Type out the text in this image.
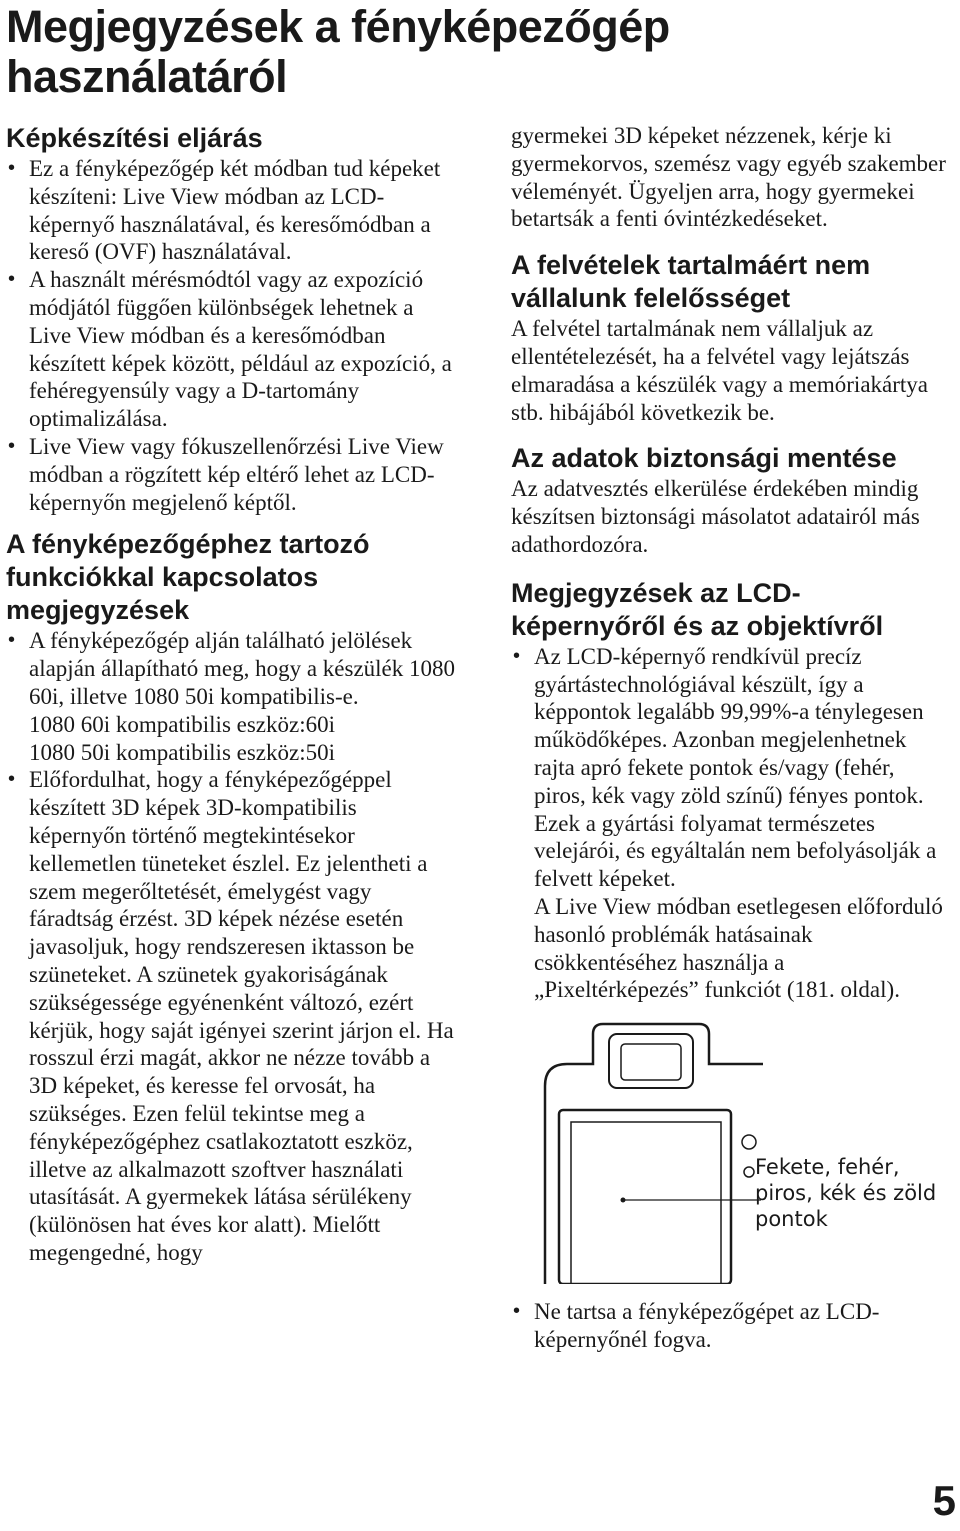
Megjegyzések a fényképezőgép használatáról
Képkészítési eljárás
• Ez a fényképezőgép két módban tud képeket készíteni: Live View módban az LCD-képernyő használatával, és keresőmódban a kereső (OVF) használatával.
• A használt mérésmódtól vagy az expozíció módjától függően különbségek lehetnek a Live View módban és a keresőmódban készített képek között, például az expozíció, a fehéregyensúly vagy a D-tartomány optimalizálása.
• Live View vagy fókuszellenőrzési Live View módban a rögzített kép eltérő lehet az LCD-képernyőn megjelenő képtől.
A fényképezőgéphez tartozó funkciókkal kapcsolatos megjegyzések
• A fényképezőgép alján található jelölések alapján állapítható meg, hogy a készülék 1080 60i, illetve 1080 50i kompatibilis-e.
1080 60i kompatibilis eszköz:60i
1080 50i kompatibilis eszköz:50i
• Előfordulhat, hogy a fényképezőgéppel készített 3D képek 3D-kompatibilis képernyőn történő megtekintésekor kellemetlen tüneteket észlel. Ez jelentheti a szem megerőltetését, émelygést vagy fáradtság érzést. 3D képek nézése esetén javasoljuk, hogy rendszeresen iktasson be szüneteket. A szünetek gyakoriságának szükségessége egyénenként változó, ezért kérjük, hogy saját igényei szerint járjon el. Ha rosszul érzi magát, akkor ne nézze tovább a 3D képeket, és keresse fel orvosát, ha szükséges. Ezen felül tekintse meg a fényképezőgéphez csatlakoztatott eszköz, illetve az alkalmazott szoftver használati utasítását. A gyermekek látása sérülékeny (különösen hat éves kor alatt). Mielőtt megengedné, hogy

gyermekei 3D képeket nézzenek, kérje ki gyermekorvos, szemész vagy egyéb szakember véleményét. Ügyeljen arra, hogy gyermekei betartsák a fenti óvintézkedéseket.

A felvételek tartalmáért nem vállalunk felelősséget

A felvétel tartalmának nem vállaljuk az ellentételezését, ha a felvétel vagy lejátszás elmaradása a készülék vagy a memóriakártya stb. hibájából következik be.

Az adatok biztonsági mentése

Az adatvesztés elkerülése érdekében mindig készítsen biztonsági másolatot adatairól más adathordozóra.

Megjegyzések az LCD-képernyőről és az objektívről
• Az LCD-képernyő rendkívül precíz gyártástechnológiával készült, így a képpontok legalább 99,99%-a ténylegesen működőképes. Azonban megjelenhetnek rajta apró fekete pontok és/vagy (fehér, piros, kék vagy zöld színű) fényes pontok. Ezek a gyártási folyamat természetes velejárói, és egyáltalán nem befolyásolják a felvett képeket.
A Live View módban esetlegesen előforduló hasonló problémák hatásainak csökkentéséhez használja a „Pixeltérképezés” funkciót (181. oldal).
Fekete, fehér, piros, kék és zöld pontok
• Ne tartsa a fényképezőgépet az LCD-képernyőnél fogva.
5
